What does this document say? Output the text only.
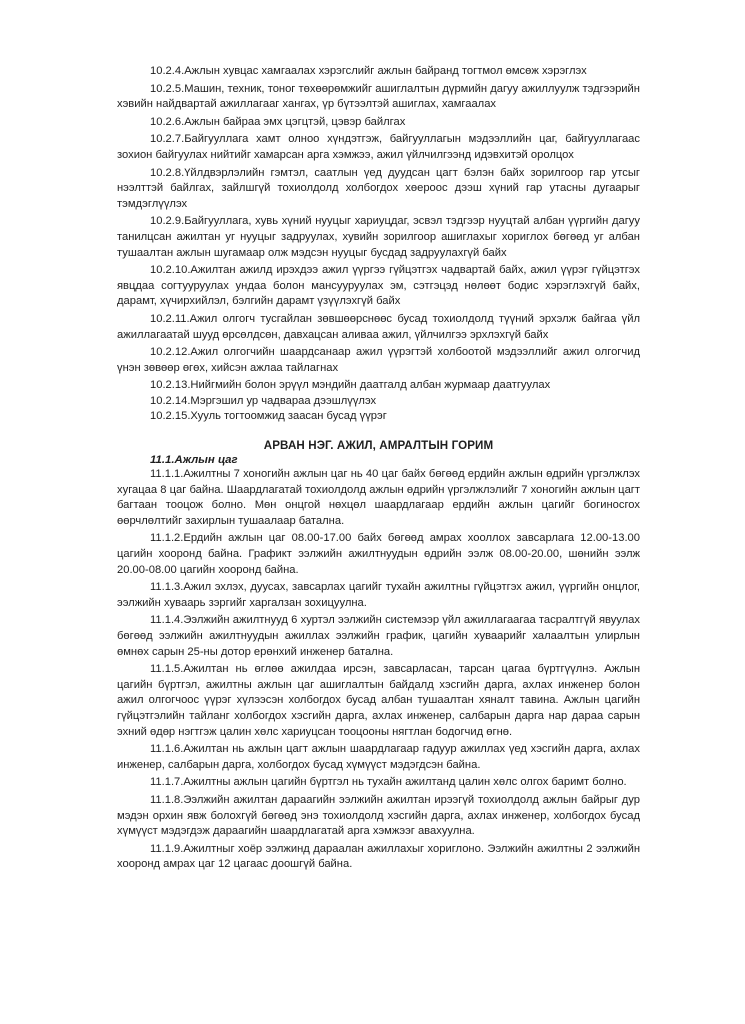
10.2.4.Ажлын хувцас хамгаалах хэрэгслийг ажлын байранд тогтмол өмсөж хэрэглэх

10.2.5.Машин, техник, тоног төхөөрөмжийг ашиглалтын дүрмийн дагуу ажиллуулж тэдгээрийн хэвийн найдвартай ажиллагааг хангах, үр бүтээлтэй ашиглах, хамгаалах

10.2.6.Ажлын байраа эмх цэгцтэй, цэвэр байлгах

10.2.7.Байгууллага хамт олноо хүндэтгэж, байгууллагын мэдээллийн цаг, байгууллагаас зохион байгуулах нийтийг хамарсан арга хэмжээ, ажил үйлчилгээнд идэвхитэй оролцох

10.2.8.Үйлдвэрлэлийн гэмтэл, саатлын үед дуудсан цагт бэлэн байх зорилгоор гар утсыг нээлттэй байлгах, зайлшгүй тохиолдолд холбогдох хөероос дээш хүний гар утасны дугаарыг тэмдэглүүлэх

10.2.9.Байгууллага, хувь хүний нууцыг хариуцдаг, эсвэл тэдгээр нууцтай албан үүргийн дагуу танилцсан ажилтан уг нууцыг задруулах, хувийн зорилгоор ашиглахыг хориглох бөгөөд уг албан тушаалтан ажлын шугамаар олж мэдсэн нууцыг бусдад задруулахгүй байх

10.2.10.Ажилтан ажилд ирэхдээ ажил үүргээ гүйцэтгэх чадвартай байх, ажил үүрэг гүйцэтгэх явцдаа согтууруулах ундаа болон мансууруулах эм, сэтгэцэд нөлөөт бодис хэрэглэхгүй байх, дарамт, хүчирхийлэл, бэлгийн дарамт үзүүлэхгүй байх

10.2.11.Ажил олгогч тусгайлан зөвшөөрснөөс бусад тохиолдолд түүний эрхэлж байгаа үйл ажиллагаатай шууд өрсөлдсөн, давхацсан аливаа ажил, үйлчилгээ эрхлэхгүй байх

10.2.12.Ажил олгогчийн шаардсанаар ажил үүрэгтэй холбоотой мэдээллийг ажил олгогчид үнэн зөвөөр өгөх, хийсэн ажлаа тайлагнах

10.2.13.Нийгмийн болон эрүүл мэндийн даатгалд албан журмаар даатгуулах

10.2.14.Мэргэшил ур чадвараа дээшлүүлэх

10.2.15.Хууль тогтоомжид заасан бусад үүрэг

АРВАН НЭГ. АЖИЛ, АМРАЛТЫН ГОРИМ
11.1.Ажлын цаг

11.1.1.Ажилтны 7 хоногийн ажлын цаг нь 40 цаг байх бөгөөд ердийн ажлын өдрийн үргэлжлэх хугацаа 8 цаг байна. Шаардлагатай тохиолдолд ажлын өдрийн үргэлжлэлийг 7 хоногийн ажлын цагт багтаан тооцож болно. Мөн онцгой нөхцөл шаардлагаар ердийн ажлын цагийг богиносгох өөрчлөлтийг захирлын тушаалаар батална.

11.1.2.Ердийн ажлын цаг 08.00-17.00 байх бөгөөд амрах хооллох завсарлага 12.00-13.00 цагийн хооронд байна. Графикт ээлжийн ажилтнуудын өдрийн ээлж 08.00-20.00, шөнийн ээлж 20.00-08.00 цагийн хооронд байна.

11.1.3.Ажил эхлэх, дуусах, завсарлах цагийг тухайн ажилтны гүйцэтгэх ажил, үүргийн онцлог, ээлжийн хуваарь зэргийг харгалзан зохицуулна.

11.1.4.Ээлжийн ажилтнууд 6 хуртэл ээлжийн системээр үйл ажиллагаагаа тасралтгүй явуулах бөгөөд ээлжийн ажилтнуудын ажиллах ээлжийн график, цагийн хуваарийг халаалтын улирлын өмнөх сарын 25-ны дотор ерөнхий инженер батална.

11.1.5.Ажилтан нь өглөө ажилдаа ирсэн, завсарласан, тарсан цагаа бүртгүүлнэ. Ажлын цагийн бүртгэл, ажилтны ажлын цаг ашиглалтын байдалд хэсгийн дарга, ахлах инженер болон ажил олгогчоос үүрэг хүлээсэн холбогдох бусад албан тушаалтан хяналт тавина. Ажлын цагийн гүйцэтгэлийн тайланг холбогдох хэсгийн дарга, ахлах инженер, салбарын дарга нар дараа сарын эхний өдөр нэгтгэж цалин хөлс хариуцсан тооцооны нягтлан бодогчид өгнө.

11.1.6.Ажилтан нь ажлын цагт ажлын шаардлагаар гадуур ажиллах үед хэсгийн дарга, ахлах инженер, салбарын дарга, холбогдох бусад хүмүүст мэдэгдсэн байна.

11.1.7.Ажилтны ажлын цагийн бүртгэл нь тухайн ажилтанд цалин хөлс олгох баримт болно.

11.1.8.Ээлжийн ажилтан дараагийн ээлжийн ажилтан ирээгүй тохиолдолд ажлын байрыг дур мэдэн орхин явж болохгүй бөгөөд энэ тохиолдолд хэсгийн дарга, ахлах инженер, холбогдох бусад хүмүүст мэдэгдэж дараагийн шаардлагатай арга хэмжээг авахуулна.

11.1.9.Ажилтныг хоёр ээлжинд дараалан ажиллахыг хориглоно. Ээлжийн ажилтны 2 ээлжийн хооронд амрах цаг 12 цагаас доошгүй байна.
